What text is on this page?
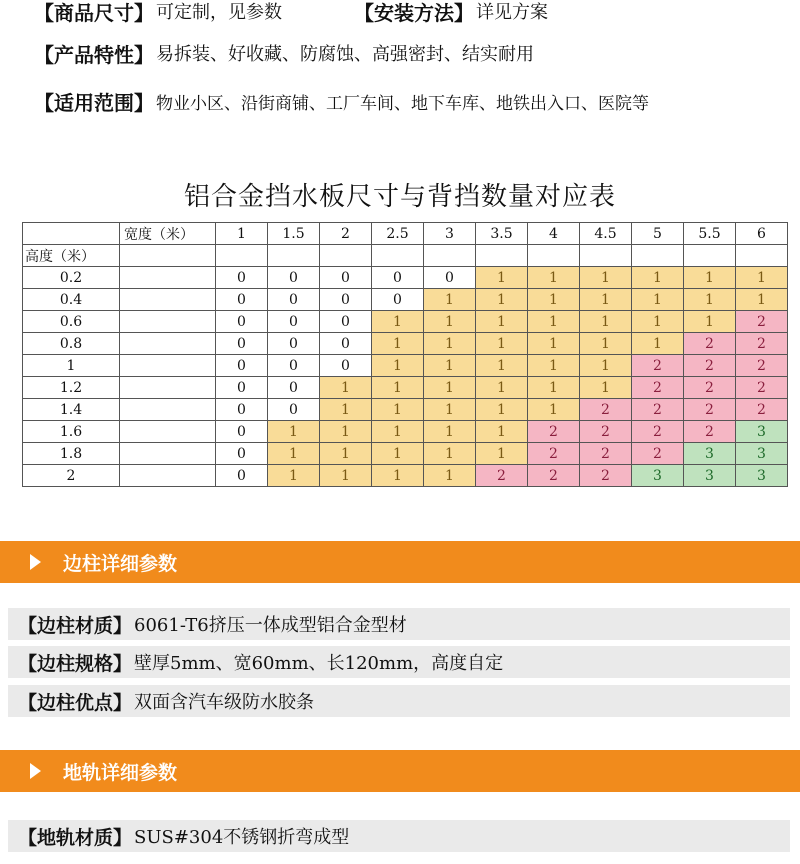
【商品尺寸】 可定制，见参数	【安装方法】 详见方案
【产品特性】 易拆装、好收藏、防腐蚀、高强密封、结实耐用
【适用范围】 物业小区、沿街商铺、工厂车间、地下车库、地铁出入口、医院等
铝合金挡水板尺寸与背挡数量对应表
	宽度（米）	1	1.5	2	2.5	3	3.5	4	4.5	5	5.5	6
高度（米）												
0.2		0	0	0	0	0	1	1	1	1	1	1
0.4		0	0	0	0	1	1	1	1	1	1	1
0.6		0	0	0	1	1	1	1	1	1	1	2
0.8		0	0	0	1	1	1	1	1	1	2	2
1		0	0	0	1	1	1	1	1	2	2	2
1.2		0	0	1	1	1	1	1	1	2	2	2
1.4		0	0	1	1	1	1	1	2	2	2	2
1.6		0	1	1	1	1	1	2	2	2	2	3
1.8		0	1	1	1	1	1	2	2	2	3	3
2		0	1	1	1	1	2	2	2	3	3	3
边柱详细参数
【边柱材质】 6061-T6挤压一体成型铝合金型材
【边柱规格】 壁厚5mm、宽60mm、长120mm，高度自定
【边柱优点】 双面含汽车级防水胶条
地轨详细参数
【地轨材质】 SUS#304不锈钢折弯成型
